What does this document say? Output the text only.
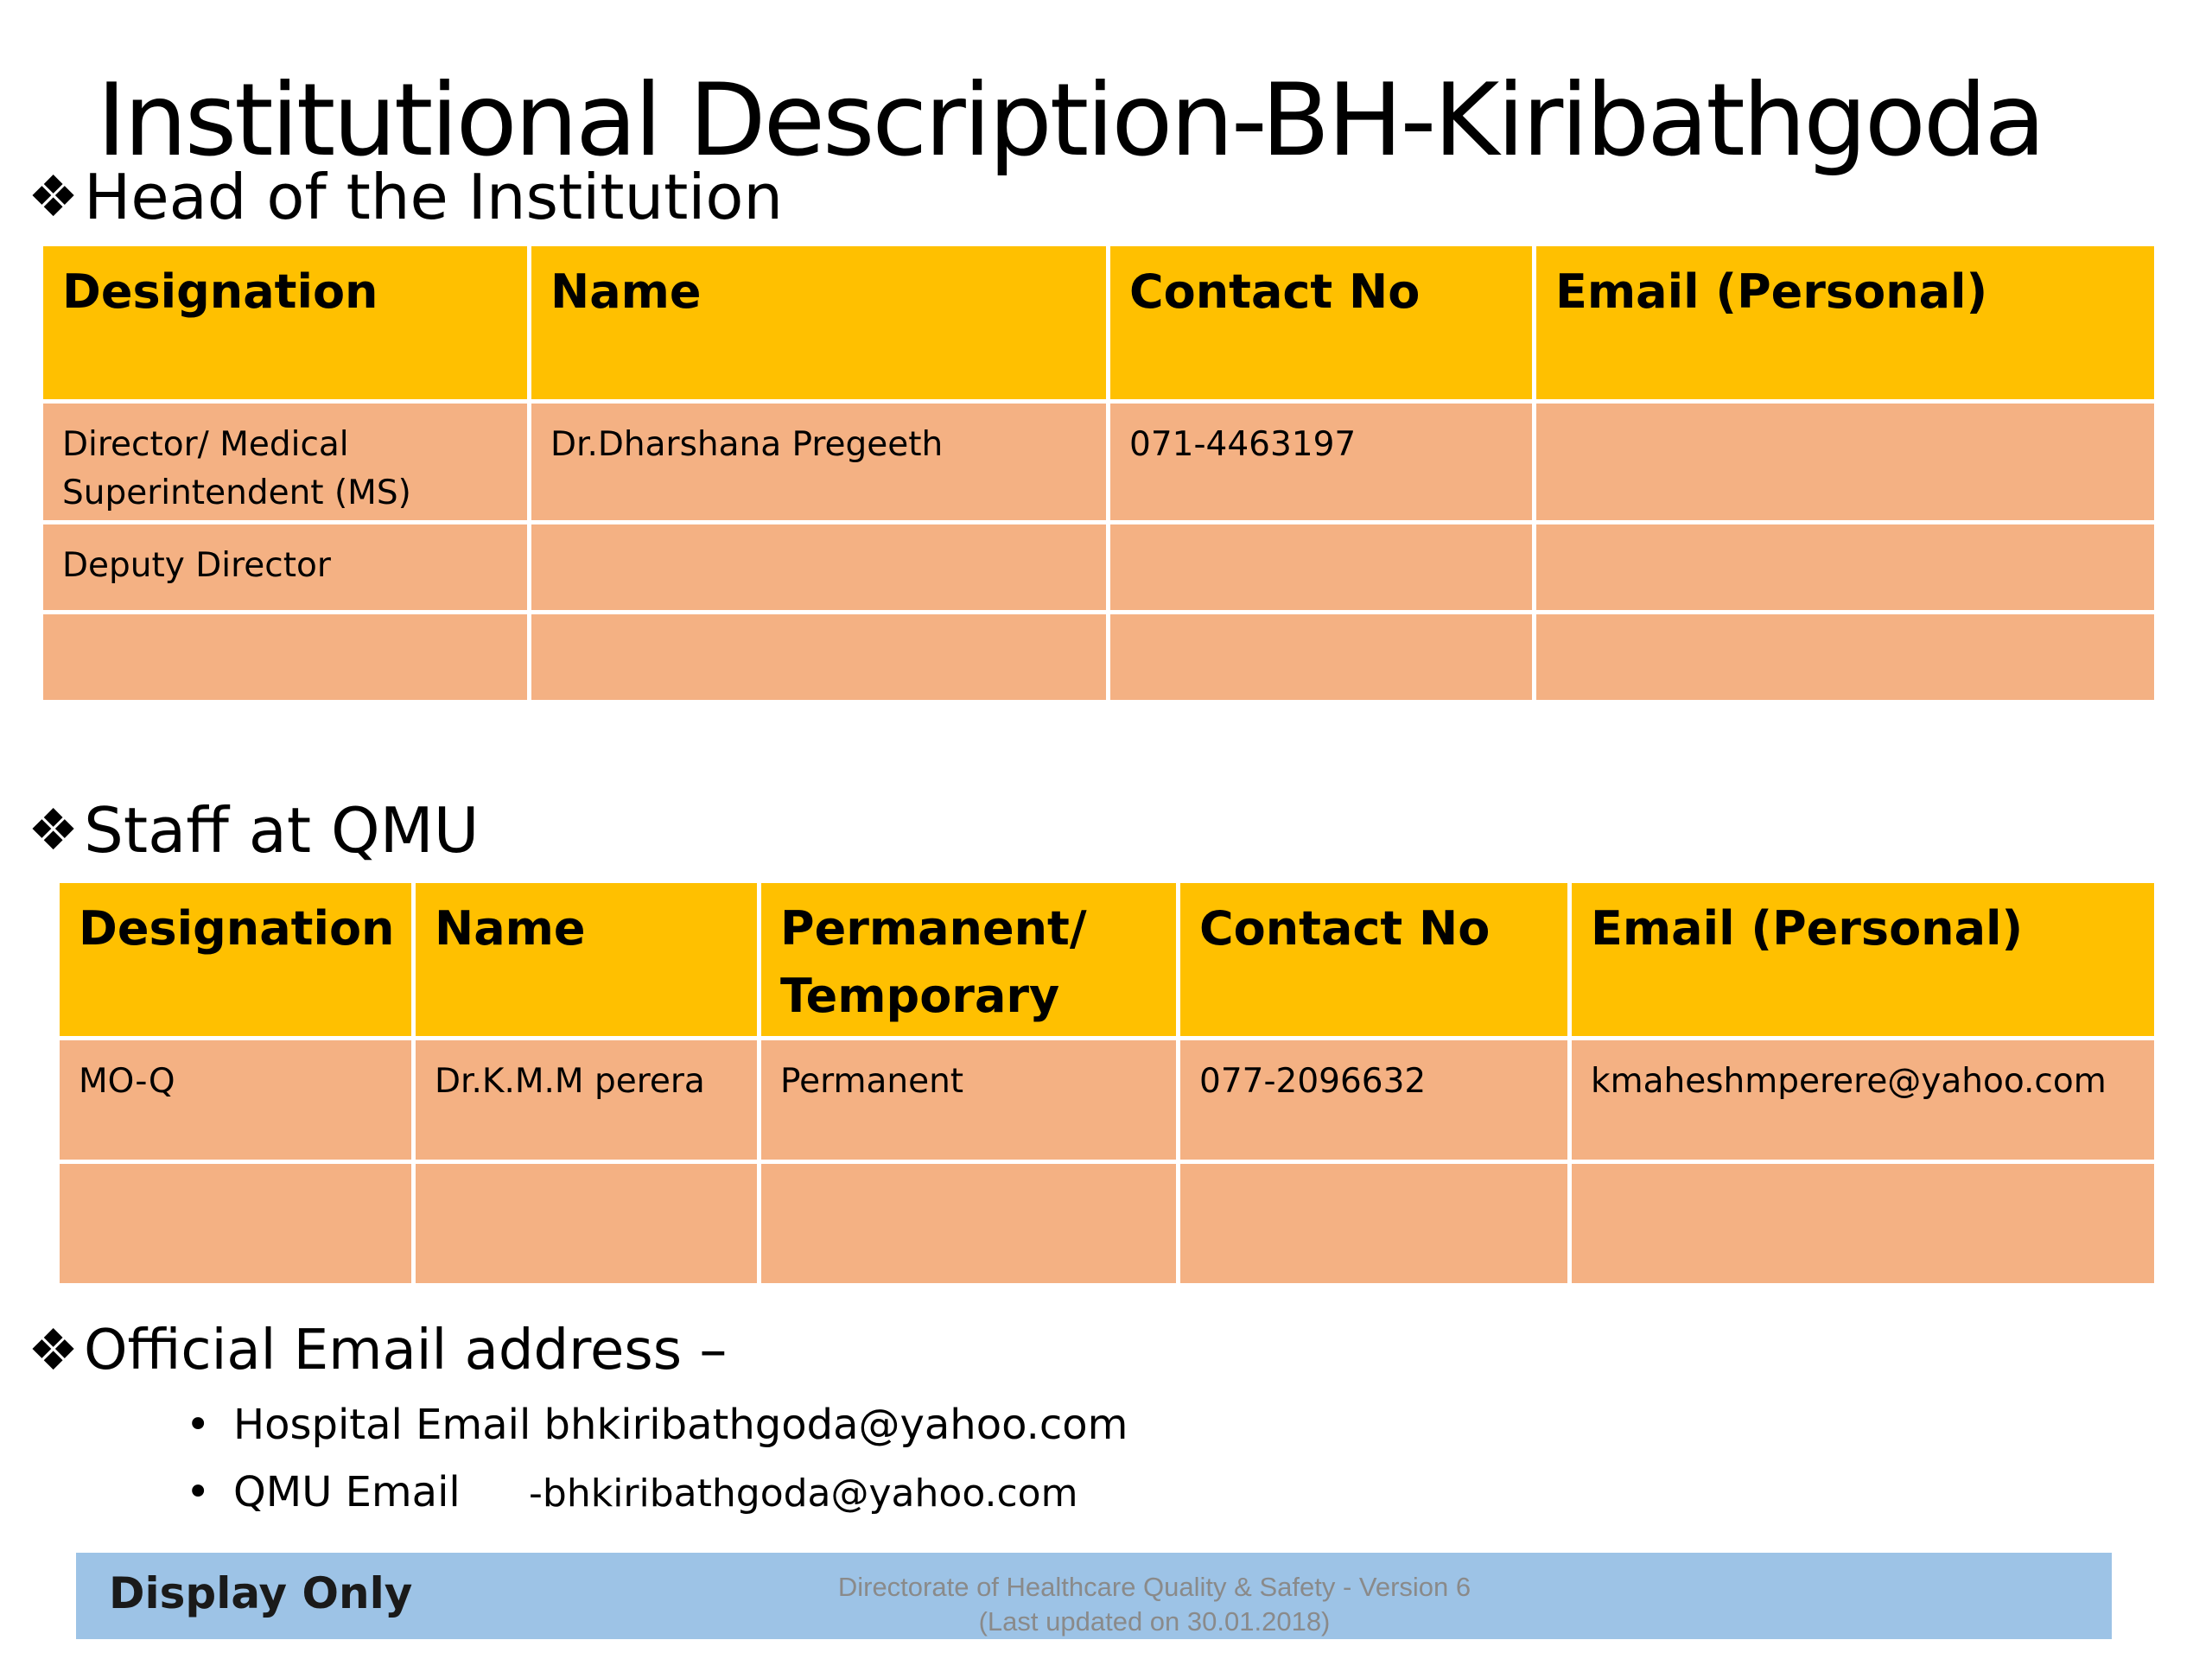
Institutional Description-BH-Kiribathgoda
❖ Head of the Institution
Designation	Name	Contact No	Email (Personal)
Director/ Medical Superintendent (MS)	Dr.Dharshana Pregeeth	071-4463197	
Deputy Director			

❖ Staff at QMU
Designation	Name	Permanent/ Temporary	Contact No	Email (Personal)
MO-Q	Dr.K.M.M perera	Permanent	077-2096632	kmaheshmperere@yahoo.com

❖ Official Email address –
• Hospital Email bhkiribathgoda@yahoo.com
• QMU Email -bhkiribathgoda@yahoo.com
Display Only	Directorate of Healthcare Quality & Safety - Version 6
(Last updated on 30.01.2018)
